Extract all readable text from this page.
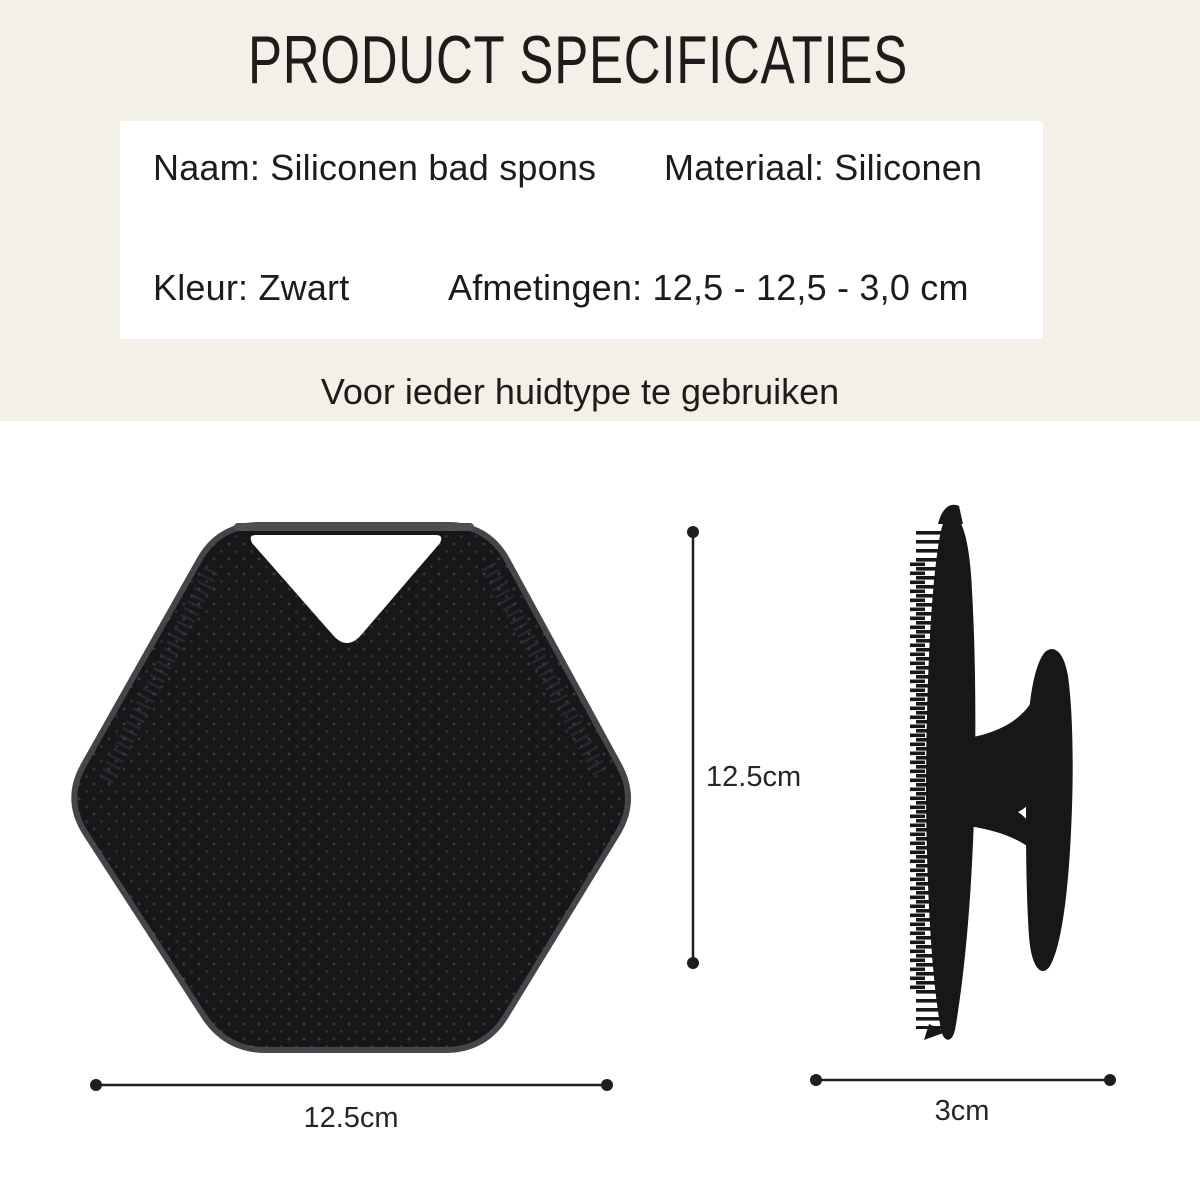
PRODUCT SPECIFICATIES
Naam: Siliconen bad spons Materiaal: Siliconen
Kleur: Zwart	Afmetingen: 12,5 - 12,5 - 3,0 cm
Voor ieder huidtype te gebruiken
12.5cm
12.5cm	3cm
